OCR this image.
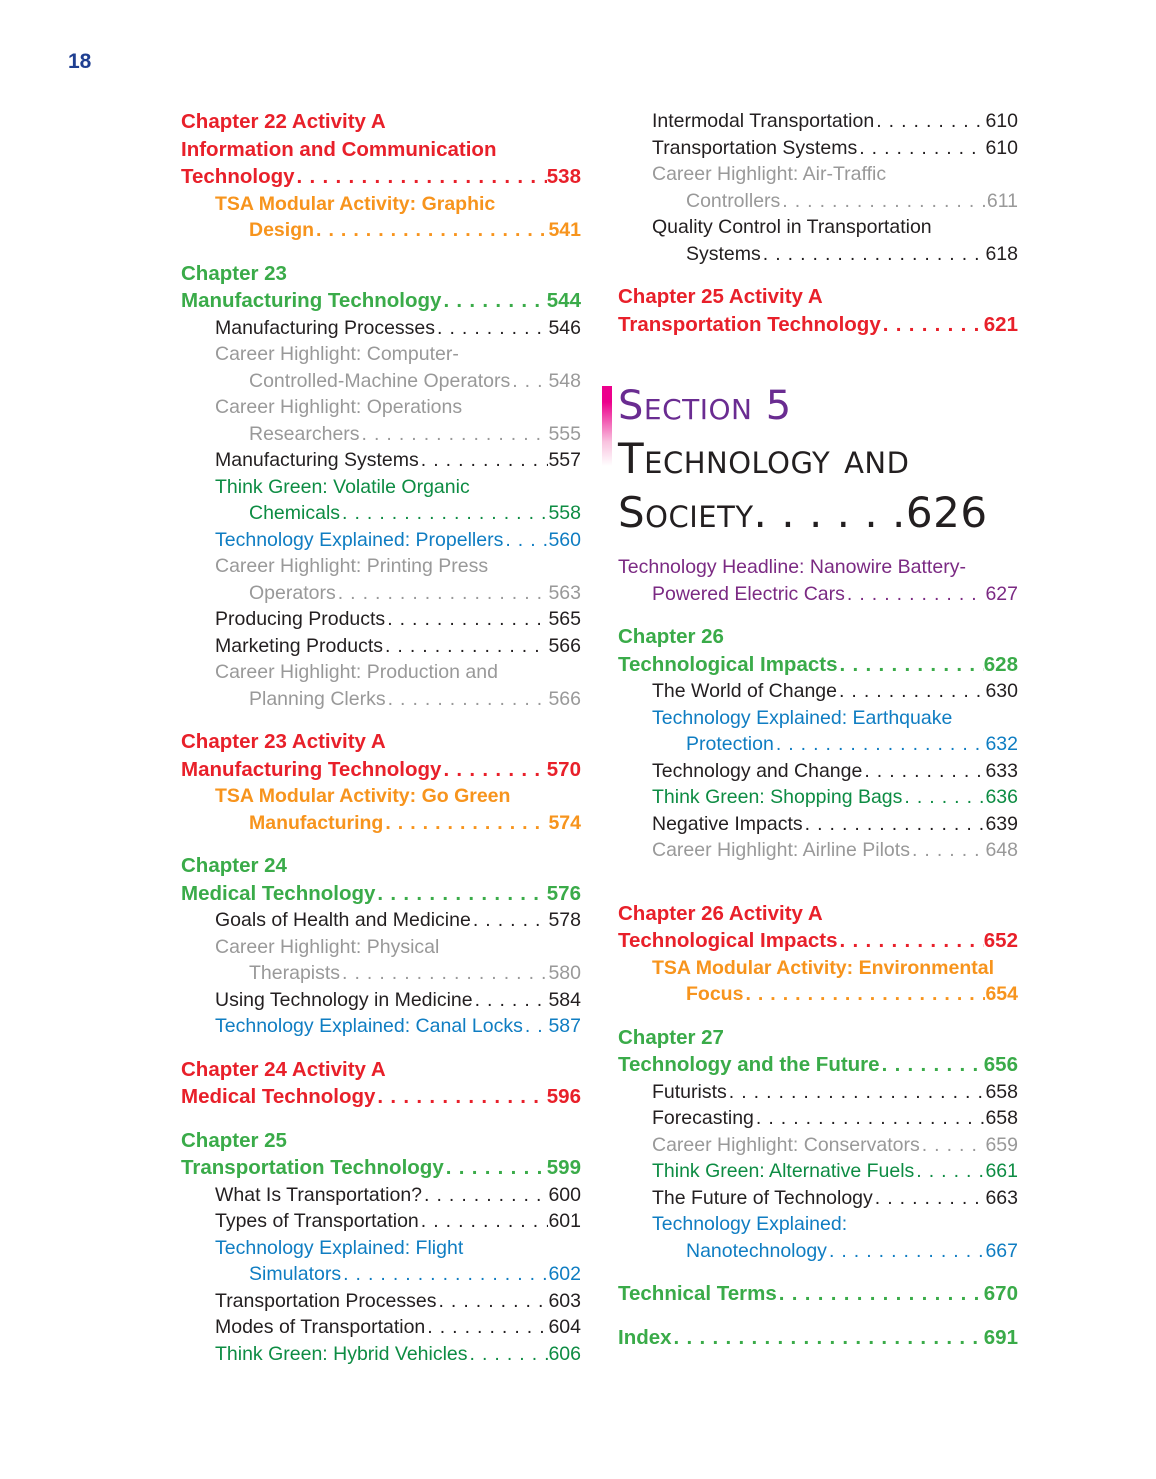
18
Chapter 22 Activity A
Information and Communication
Technology . . .	538
TSA Modular Activity: Graphic
Design . . .	541
Chapter 23
Manufacturing Technology . . .	544
Manufacturing Processes . . .	546
Career Highlight: Computer-
Controlled-Machine Operators . . . 548
Career Highlight: Operations
Researchers . . .	555
Manufacturing Systems . . .	557
Think Green: Volatile Organic
Chemicals . . .	558
Technology Explained: Propellers . . . 560
Career Highlight: Printing Press
Operators . . .	563
Producing Products . . .	565
Marketing Products . . .	566
Career Highlight: Production and
Planning Clerks . . .	566
Chapter 23 Activity A
Manufacturing Technology . . .	570
TSA Modular Activity: Go Green
Manufacturing . . .	574
Chapter 24
Medical Technology . . .	576
Goals of Health and Medicine . . .	578
Career Highlight: Physical
Therapists . . .	580
Using Technology in Medicine . . .	584
Technology Explained: Canal Locks . . . 587
Chapter 24 Activity A
Medical Technology . . .	596
Chapter 25
Transportation Technology . . .	599
What Is Transportation? . . .	600
Types of Transportation . . .	601
Technology Explained: Flight
Simulators . . .	602
Transportation Processes . . .	603
Modes of Transportation . . .	604
Think Green: Hybrid Vehicles . . .	606
Intermodal Transportation . . .	610
Transportation Systems . . .	610
Career Highlight: Air-Traffic
Controllers . . .	611
Quality Control in Transportation
Systems . . .	618
Chapter 25 Activity A
Transportation Technology . . .	621
Section 5
Technology and
Society. . . . . .626
Technology Headline: Nanowire Battery-
Powered Electric Cars . . .	627
Chapter 26
Technological Impacts . . .	628
The World of Change . . .	630
Technology Explained: Earthquake
Protection . . .	632
Technology and Change . . .	633
Think Green: Shopping Bags . . .	636
Negative Impacts . . .	639
Career Highlight: Airline Pilots . . .	648
Chapter 26 Activity A
Technological Impacts . . .	652
TSA Modular Activity: Environmental
Focus . . .	654
Chapter 27
Technology and the Future . . .	656
Futurists . . .	658
Forecasting . . .	658
Career Highlight: Conservators . . .	659
Think Green: Alternative Fuels . . .	661
The Future of Technology . . .	663
Technology Explained:
Nanotechnology . . .	667
Technical Terms . . .	670
Index . . .	691
